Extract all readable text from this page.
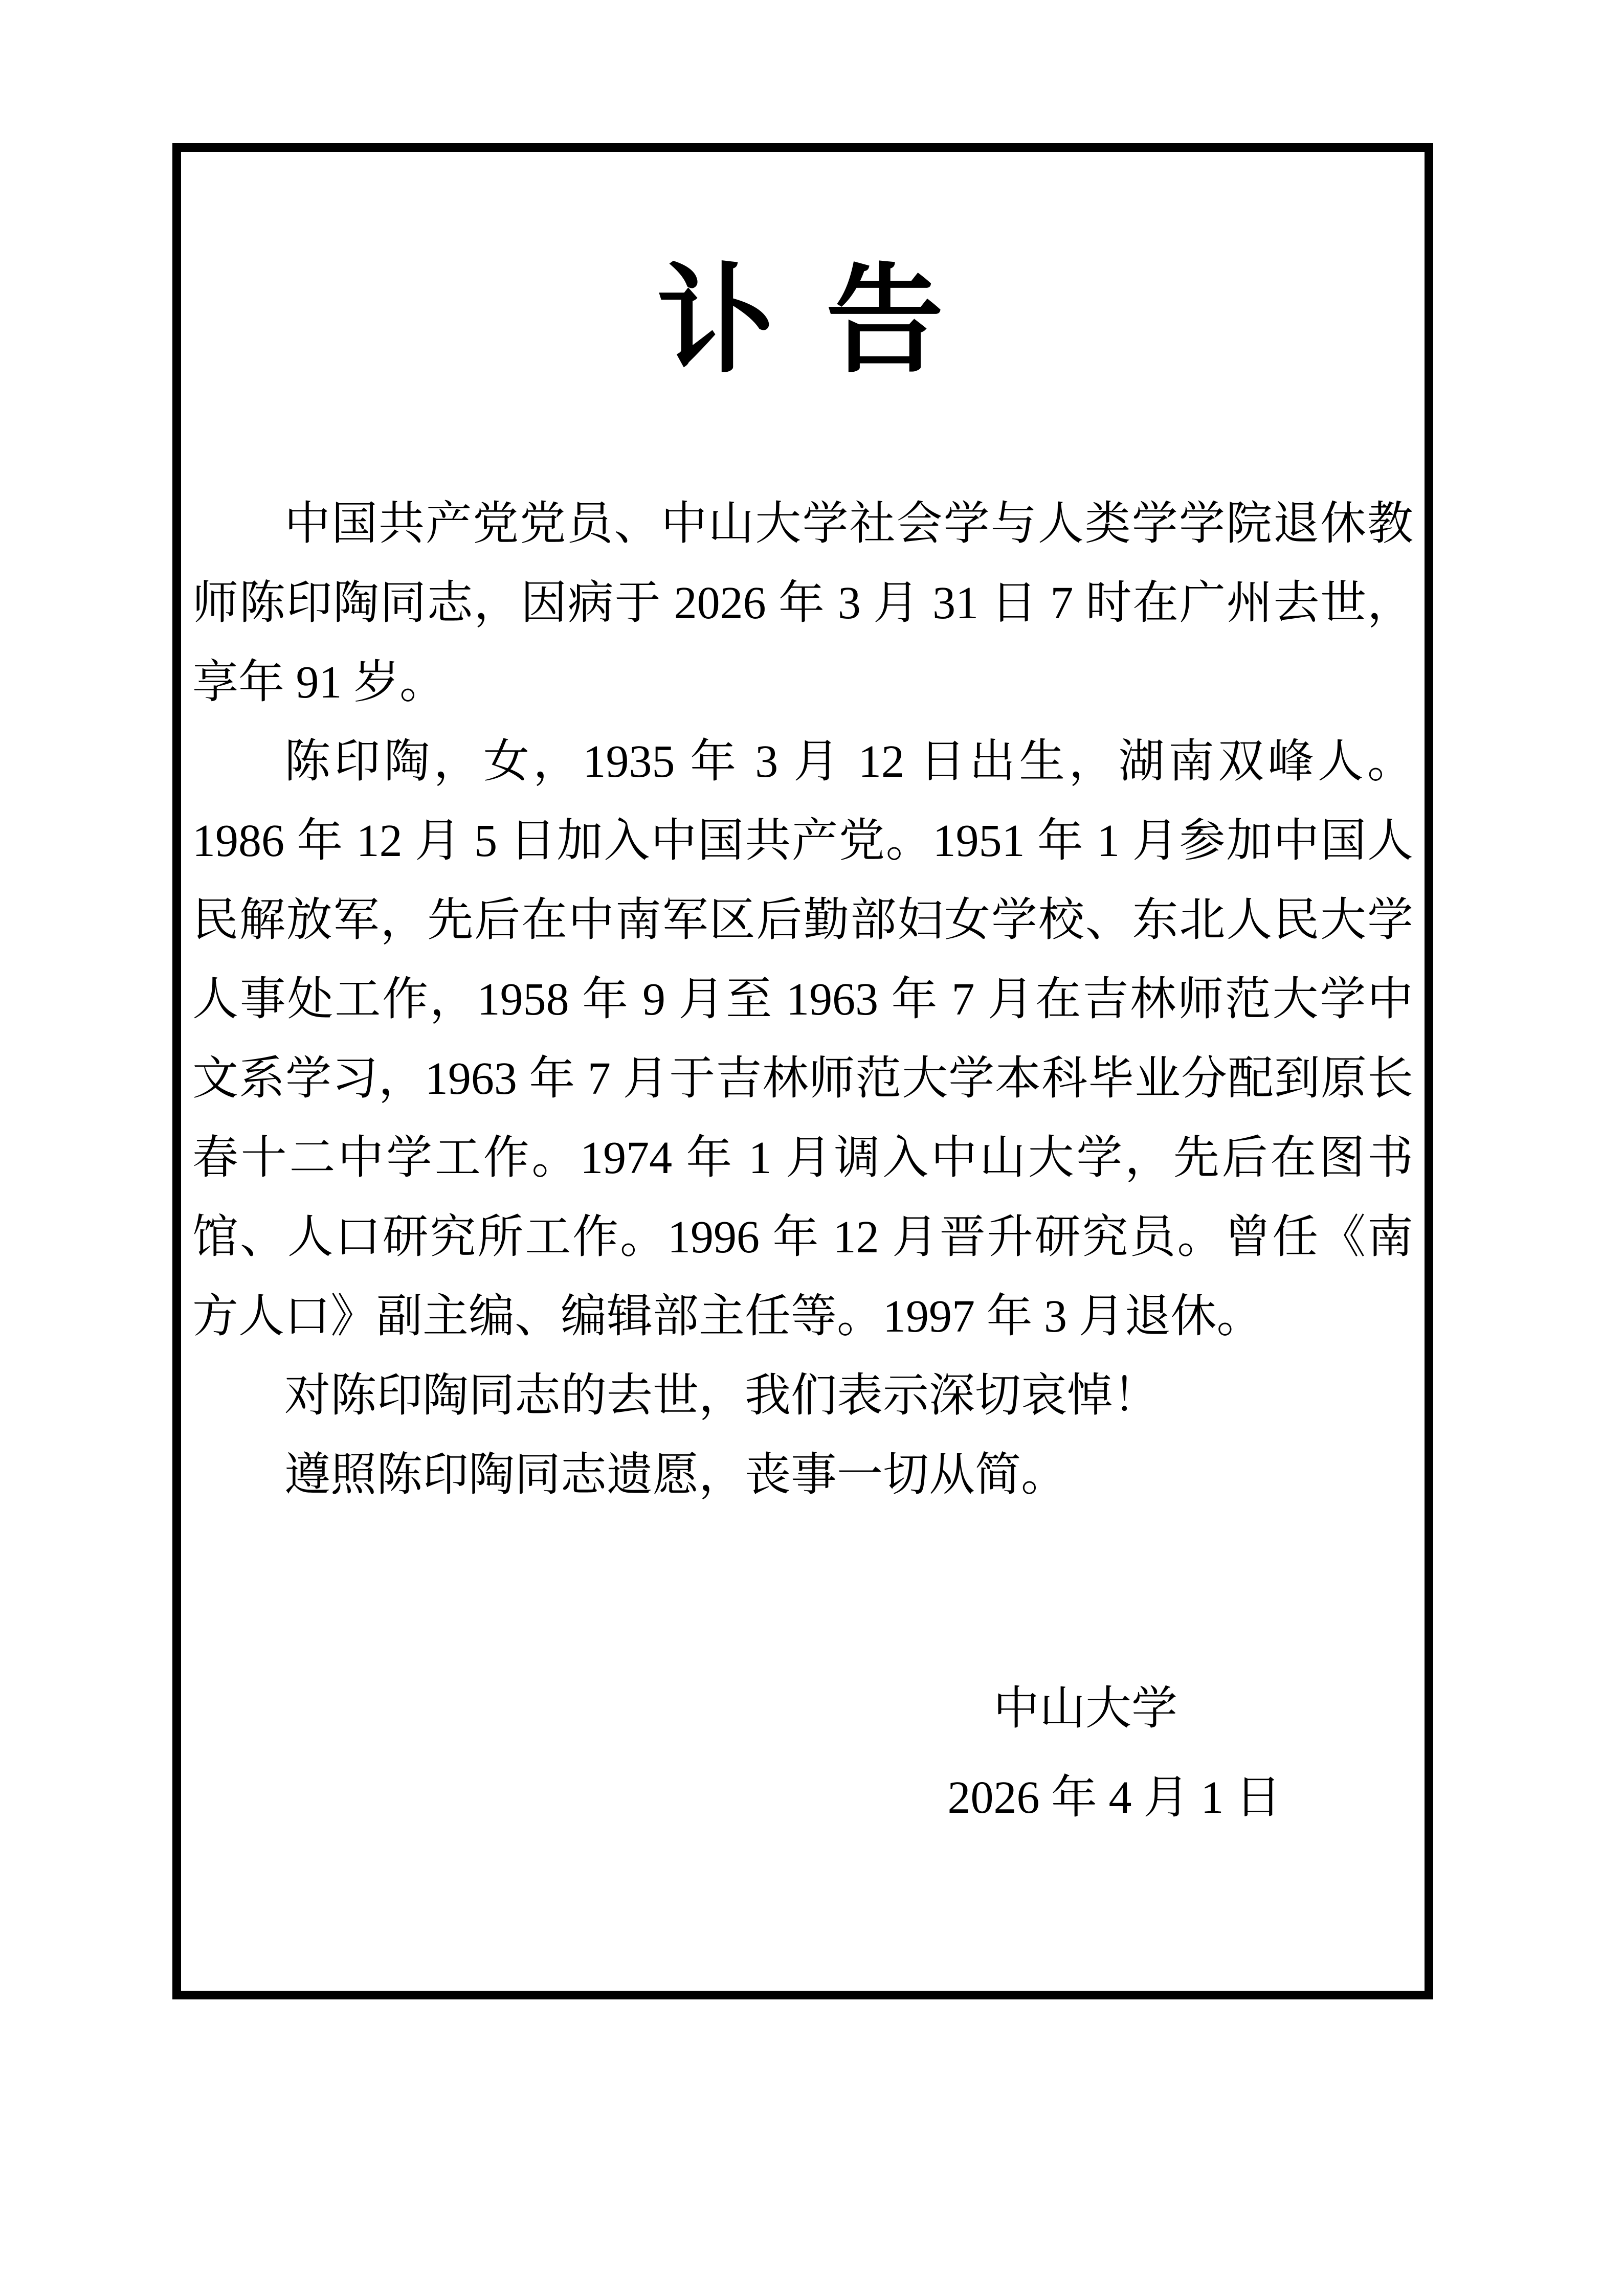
讣 告

中国共产党党员、中山大学社会学与人类学学院退休教师陈印陶同志，因病于 2026 年 3 月 31 日 7 时在广州去世，享年 91 岁。

陈印陶，女，1935 年 3 月 12 日出生，湖南双峰人。1986 年 12 月 5 日加入中国共产党。1951 年 1 月参加中国人民解放军，先后在中南军区后勤部妇女学校、东北人民大学人事处工作，1958 年 9 月至 1963 年 7 月在吉林师范大学中文系学习，1963 年 7 月于吉林师范大学本科毕业分配到原长春十二中学工作。1974 年 1 月调入中山大学，先后在图书馆、人口研究所工作。1996 年 12 月晋升研究员。曾任《南方人口》副主编、编辑部主任等。1997 年 3 月退休。

对陈印陶同志的去世，我们表示深切哀悼！

遵照陈印陶同志遗愿，丧事一切从简。

中山大学
2026 年 4 月 1 日
